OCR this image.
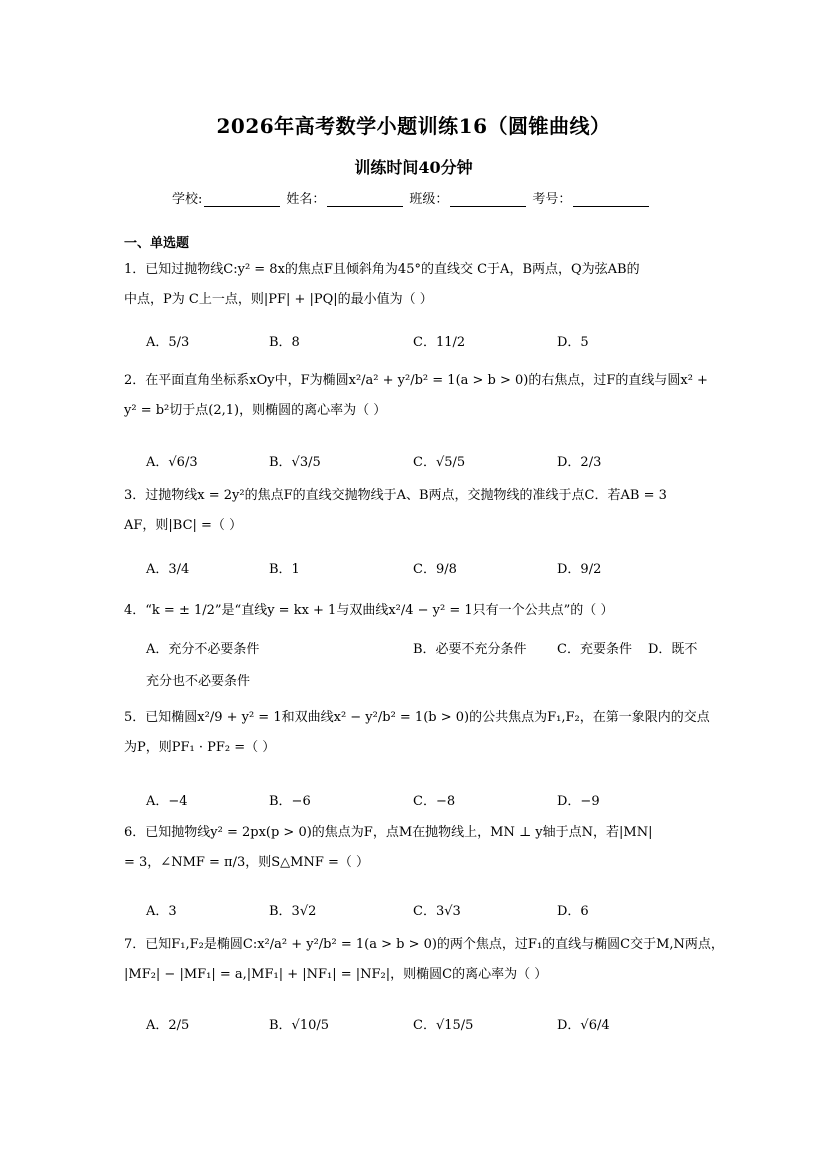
2026年高考数学小题训练16（圆锥曲线）
训练时间40分钟
学校:	姓名：	班级：	考号：
一、单选题
1．已知过抛物线C:y² = 8x的焦点F且倾斜角为45°的直线交 C于A，B两点，Q为弦AB的
中点，P为 C上一点，则|PF| + |PQ|的最小值为（ ）
A．5/3	B．8	C．11/2	D．5
2．在平面直角坐标系xOy中，F为椭圆x²/a² + y²/b² = 1(a > b > 0)的右焦点，过F的直线与圆x² +
y² = b²切于点(2,1)，则椭圆的离心率为（ ）
A．√6/3	B．√3/5	C．√5/5	D．2/3
3．过抛物线x = 2y²的焦点F的直线交抛物线于A、B两点，交抛物线的准线于点C．若AB = 3
AF，则|BC| =（ ）
A．3/4	B．1	C．9/8	D．9/2
4．“k = ± 1/2”是“直线y = kx + 1与双曲线x²/4 − y² = 1只有一个公共点”的（ ）
A．充分不必要条件	B．必要不充分条件 C．充要条件 D．既不
充分也不必要条件
5．已知椭圆x²/9 + y² = 1和双曲线x² − y²/b² = 1(b > 0)的公共焦点为F₁,F₂，在第一象限内的交点
为P，则PF₁ · PF₂ =（ ）
A．−4	B．−6	C．−8	D．−9
6．已知抛物线y² = 2px(p > 0)的焦点为F，点M在抛物线上，MN ⊥ y轴于点N，若|MN|
= 3，∠NMF = π/3，则S△MNF =（ ）
A．3	B．3√2	C．3√3	D．6
7．已知F₁,F₂是椭圆C:x²/a² + y²/b² = 1(a > b > 0)的两个焦点，过F₁的直线与椭圆C交于M,N两点，
|MF₂| − |MF₁| = a,|MF₁| + |NF₁| = |NF₂|，则椭圆C的离心率为（ ）
A．2/5	B．√10/5	C．√15/5	D．√6/4
